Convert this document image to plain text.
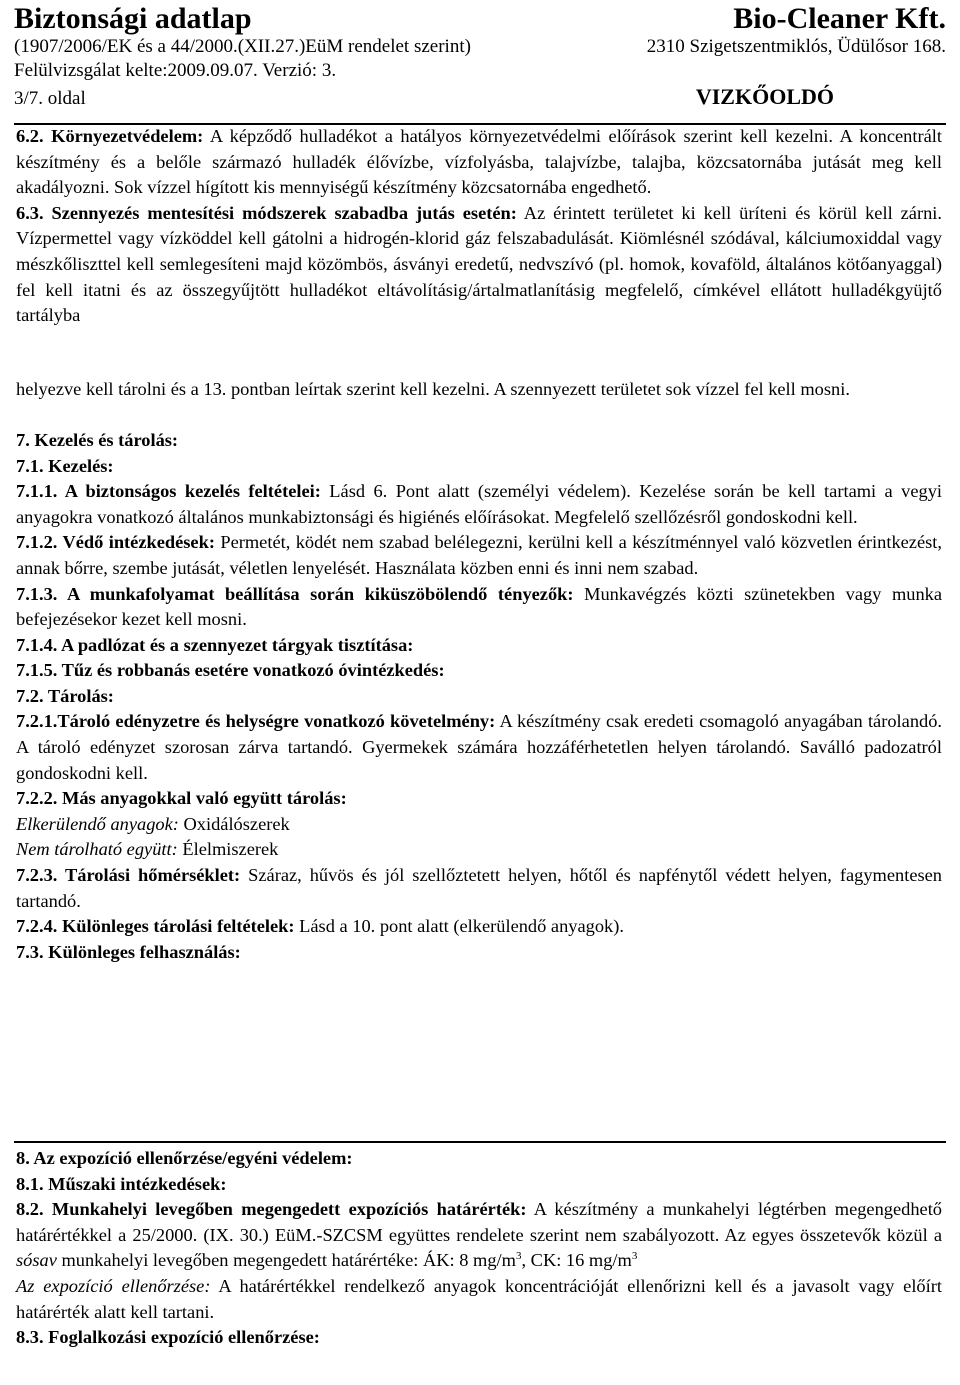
Biztonsági adatlap	Bio-Cleaner Kft.
(1907/2006/EK és a 44/2000.(XII.27.)EüM rendelet szerint)	2310 Szigetszentmiklós, Üdülősor 168.
Felülvizsgálat kelte:2009.09.07. Verzió: 3.
3/7. oldal	VIZKŐOLDÓ

6.2. Környezetvédelem: A képződő hulladékot a hatályos környezetvédelmi előírások szerint kell kezelni. A koncentrált készítmény és a belőle származó hulladék élővízbe, vízfolyásba, talajvízbe, talajba, közcsatornába jutását meg kell akadályozni. Sok vízzel hígított kis mennyiségű készítmény közcsatornába engedhető.

6.3. Szennyezés mentesítési módszerek szabadba jutás esetén: Az érintett területet ki kell üríteni és körül kell zárni. Vízpermettel vagy vízköddel kell gátolni a hidrogén-klorid gáz felszabadulását. Kiömlésnél szódával, kálciumoxiddal vagy mészkőliszttel kell semlegesíteni majd közömbös, ásványi eredetű, nedvszívó (pl. homok, kovaföld, általános kötőanyaggal) fel kell itatni és az összegyűjtött hulladékot eltávolításig/ártalmatlanításig megfelelő, címkével ellátott hulladékgyüjtő tartályba

helyezve kell tárolni és a 13. pontban leírtak szerint kell kezelni. A szennyezett területet sok vízzel fel kell mosni.

7. Kezelés és tárolás:

7.1. Kezelés:

7.1.1. A biztonságos kezelés feltételei: Lásd 6. Pont alatt (személyi védelem). Kezelése során be kell tartami a vegyi anyagokra vonatkozó általános munkabiztonsági és higiénés előírásokat. Megfelelő szellőzésről gondoskodni kell.

7.1.2. Védő intézkedések: Permetét, ködét nem szabad belélegezni, kerülni kell a készítménnyel való közvetlen érintkezést, annak bőrre, szembe jutását, véletlen lenyelését. Használata közben enni és inni nem szabad.

7.1.3. A munkafolyamat beállítása során kiküszöbölendő tényezők: Munkavégzés közti szünetekben vagy munka befejezésekor kezet kell mosni.

7.1.4. A padlózat és a szennyezet tárgyak tisztítása:

7.1.5. Tűz és robbanás esetére vonatkozó óvintézkedés:

7.2. Tárolás:

7.2.1.Tároló edényzetre és helységre vonatkozó követelmény: A készítmény csak eredeti csomagoló anyagában tárolandó. A tároló edényzet szorosan zárva tartandó. Gyermekek számára hozzáférhetetlen helyen tárolandó. Saválló padozatról gondoskodni kell.

7.2.2. Más anyagokkal való együtt tárolás:

Elkerülendő anyagok: Oxidálószerek

Nem tárolható együtt: Élelmiszerek

7.2.3. Tárolási hőmérséklet: Száraz, hűvös és jól szellőztetett helyen, hőtől és napfénytől védett helyen, fagymentesen tartandó.

7.2.4. Különleges tárolási feltételek: Lásd a 10. pont alatt (elkerülendő anyagok).

7.3. Különleges felhasználás:

8. Az expozíció ellenőrzése/egyéni védelem:

8.1. Műszaki intézkedések:

8.2. Munkahelyi levegőben megengedett expozíciós határérték: A készítmény a munkahelyi légtérben megengedhető határértékkel a 25/2000. (IX. 30.) EüM.-SZCSM együttes rendelete szerint nem szabályozott. Az egyes összetevők közül a sósav munkahelyi levegőben megengedett határértéke: ÁK: 8 $mg/m^3$, CK: 16 $mg/m^3$

Az expozíció ellenőrzése: A határértékkel rendelkező anyagok koncentrációját ellenőrizni kell és a javasolt vagy előírt határérték alatt kell tartani.

8.3. Foglalkozási expozíció ellenőrzése:
